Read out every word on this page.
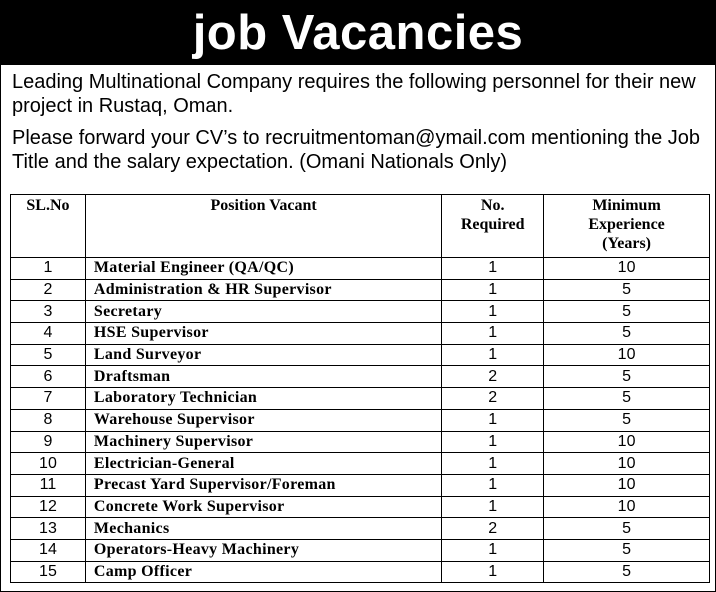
job Vacancies

Leading Multinational Company requires the following personnel for their new project in Rustaq, Oman.

Please forward your CV’s to recruitmentoman@ymail.com mentioning the Job Title and the salary expectation. (Omani Nationals Only)

SL.No	Position Vacant	No. Required	Minimum Experience (Years)
1	Material Engineer (QA/QC)	1	10
2	Administration & HR Supervisor	1	5
3	Secretary	1	5
4	HSE Supervisor	1	5
5	Land Surveyor	1	10
6	Draftsman	2	5
7	Laboratory Technician	2	5
8	Warehouse Supervisor	1	5
9	Machinery Supervisor	1	10
10	Electrician-General	1	10
11	Precast Yard Supervisor/Foreman	1	10
12	Concrete Work Supervisor	1	10
13	Mechanics	2	5
14	Operators-Heavy Machinery	1	5
15	Camp Officer	1	5
